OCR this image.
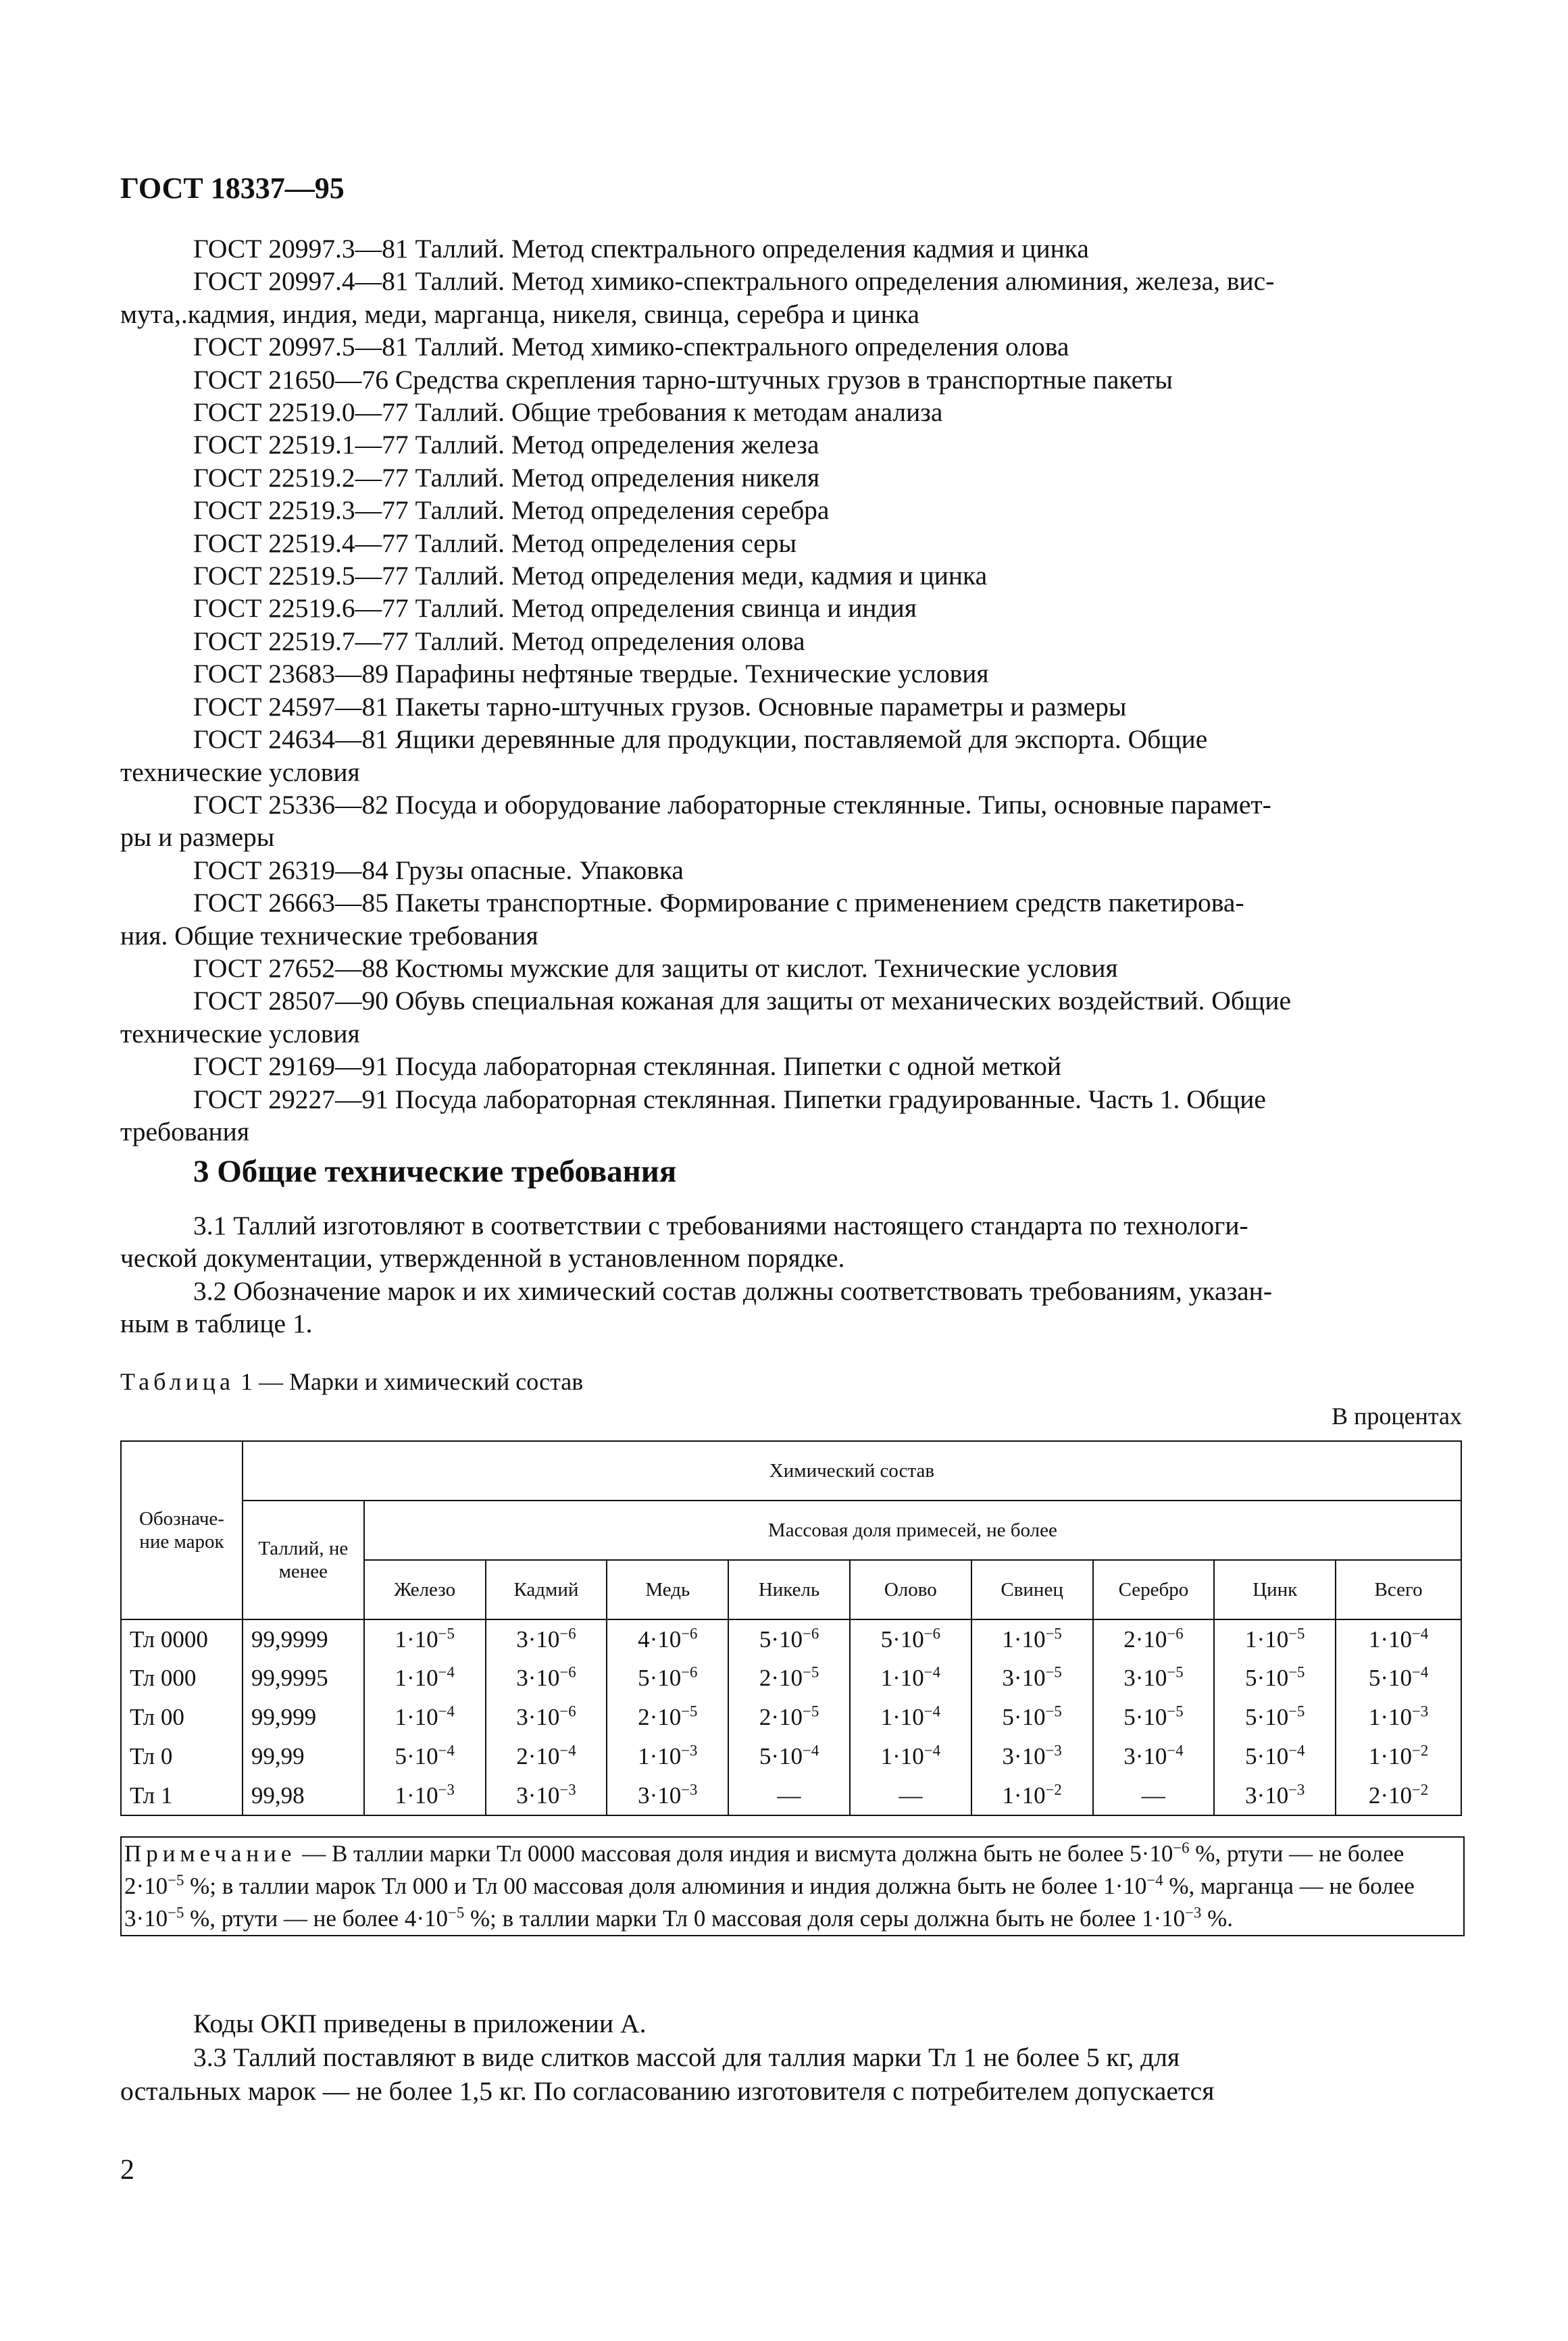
ГОСТ 18337—95
ГОСТ 20997.3—81 Таллий. Метод спектрального определения кадмия и цинка
ГОСТ 20997.4—81 Таллий. Метод химико-спектрального определения алюминия, железа, вис-
мута,.кадмия, индия, меди, марганца, никеля, свинца, серебра и цинка
ГОСТ 20997.5—81 Таллий. Метод химико-спектрального определения олова
ГОСТ 21650—76 Средства скрепления тарно-штучных грузов в транспортные пакеты
ГОСТ 22519.0—77 Таллий. Общие требования к методам анализа
ГОСТ 22519.1—77 Таллий. Метод определения железа
ГОСТ 22519.2—77 Таллий. Метод определения никеля
ГОСТ 22519.3—77 Таллий. Метод определения серебра
ГОСТ 22519.4—77 Таллий. Метод определения серы
ГОСТ 22519.5—77 Таллий. Метод определения меди, кадмия и цинка
ГОСТ 22519.6—77 Таллий. Метод определения свинца и индия
ГОСТ 22519.7—77 Таллий. Метод определения олова
ГОСТ 23683—89 Парафины нефтяные твердые. Технические условия
ГОСТ 24597—81 Пакеты тарно-штучных грузов. Основные параметры и размеры
ГОСТ 24634—81 Ящики деревянные для продукции, поставляемой для экспорта. Общие
технические условия
ГОСТ 25336—82 Посуда и оборудование лабораторные стеклянные. Типы, основные парамет-
ры и размеры
ГОСТ 26319—84 Грузы опасные. Упаковка
ГОСТ 26663—85 Пакеты транспортные. Формирование с применением средств пакетирова-
ния. Общие технические требования
ГОСТ 27652—88 Костюмы мужские для защиты от кислот. Технические условия
ГОСТ 28507—90 Обувь специальная кожаная для защиты от механических воздействий. Общие
технические условия
ГОСТ 29169—91 Посуда лабораторная стеклянная. Пипетки с одной меткой
ГОСТ 29227—91 Посуда лабораторная стеклянная. Пипетки градуированные. Часть 1. Общие
требования
3 Общие технические требования
3.1 Таллий изготовляют в соответствии с требованиями настоящего стандарта по технологи-
ческой документации, утвержденной в установленном порядке.
3.2 Обозначение марок и их химический состав должны соответствовать требованиям, указан-
ным в таблице 1.
Таблица 1 — Марки и химический состав
В процентах
Обозначе-ние марок	Химический состав									
	Таллий, не менее	Массовая доля примесей, не более								
		Железо	Кадмий	Медь	Никель	Олово	Свинец	Серебро	Цинк	Всего
Тл 0000	99,9999	$1\cdot 10^{-5}$	$3\cdot 10^{-6}$	$4\cdot 10^{-6}$	$5\cdot 10^{-6}$	$5\cdot 10^{-6}$	$1\cdot 10^{-5}$	$2\cdot 10^{-6}$	$1\cdot 10^{-5}$	$1\cdot 10^{-4}$
Тл 000	99,9995	$1\cdot 10^{-4}$	$3\cdot 10^{-6}$	$5\cdot 10^{-6}$	$2\cdot 10^{-5}$	$1\cdot 10^{-4}$	$3\cdot 10^{-5}$	$3\cdot 10^{-5}$	$5\cdot 10^{-5}$	$5\cdot 10^{-4}$
Тл 00	99,999	$1\cdot 10^{-4}$	$3\cdot 10^{-6}$	$2\cdot 10^{-5}$	$2\cdot 10^{-5}$	$1\cdot 10^{-4}$	$5\cdot 10^{-5}$	$5\cdot 10^{-5}$	$5\cdot 10^{-5}$	$1\cdot 10^{-3}$
Тл 0	99,99	$5\cdot 10^{-4}$	$2\cdot 10^{-4}$	$1\cdot 10^{-3}$	$5\cdot 10^{-4}$	$1\cdot 10^{-4}$	$3\cdot 10^{-3}$	$3\cdot 10^{-4}$	$5\cdot 10^{-4}$	$1\cdot 10^{-2}$
Тл 1	99,98	$1\cdot 10^{-3}$	$3\cdot 10^{-3}$	$3\cdot 10^{-3}$	—	—	$1\cdot 10^{-2}$	—	$3\cdot 10^{-3}$	$2\cdot 10^{-2}$
Примечание — В таллии марки Тл 0000 массовая доля индия и висмута должна быть не более $5\cdot 10^{-6}$ %, ртути — не более $2\cdot 10^{-5}$ %; в таллии марок Тл 000 и Тл 00 массовая доля алюминия и индия должна быть не более $1\cdot 10^{-4}$ %, марганца — не более $3\cdot 10^{-5}$ %, ртути — не более $4\cdot 10^{-5}$ %; в таллии марки Тл 0 массовая доля серы должна быть не более $1\cdot 10^{-3}$ %.
Коды ОКП приведены в приложении А.
3.3 Таллий поставляют в виде слитков массой для таллия марки Тл 1 не более 5 кг, для
остальных марок — не более 1,5 кг. По согласованию изготовителя с потребителем допускается
2
